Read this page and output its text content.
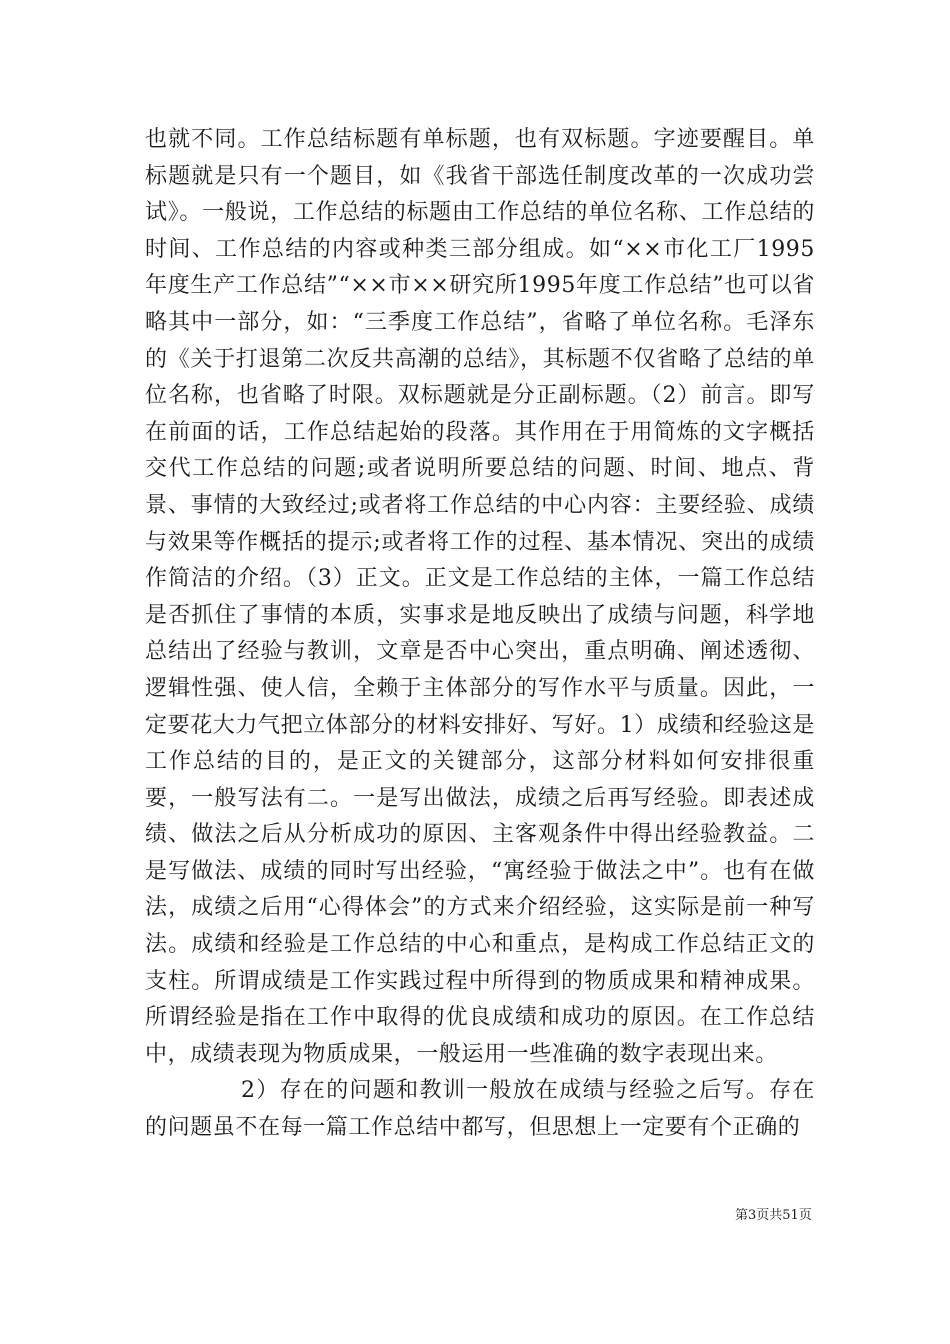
也就不同。工作总结标题有单标题，也有双标题。字迹要醒目。单标题就是只有一个题目，如《我省干部选任制度改革的一次成功尝试》。一般说，工作总结的标题由工作总结的单位名称、工作总结的时间、工作总结的内容或种类三部分组成。如“××市化工厂1995年度生产工作总结”“××市××研究所1995年度工作总结”也可以省略其中一部分，如：“三季度工作总结”，省略了单位名称。毛泽东的《关于打退第二次反共高潮的总结》，其标题不仅省略了总结的单位名称，也省略了时限。双标题就是分正副标题。（2）前言。即写在前面的话，工作总结起始的段落。其作用在于用简炼的文字概括交代工作总结的问题;或者说明所要总结的问题、时间、地点、背景、事情的大致经过;或者将工作总结的中心内容：主要经验、成绩与效果等作概括的提示;或者将工作的过程、基本情况、突出的成绩作简洁的介绍。（3）正文。正文是工作总结的主体，一篇工作总结是否抓住了事情的本质，实事求是地反映出了成绩与问题，科学地总结出了经验与教训，文章是否中心突出，重点明确、阐述透彻、逻辑性强、使人信，全赖于主体部分的写作水平与质量。因此，一定要花大力气把立体部分的材料安排好、写好。1）成绩和经验这是工作总结的目的，是正文的关键部分，这部分材料如何安排很重要，一般写法有二。一是写出做法，成绩之后再写经验。即表述成绩、做法之后从分析成功的原因、主客观条件中得出经验教益。二是写做法、成绩的同时写出经验，“寓经验于做法之中”。也有在做法，成绩之后用“心得体会”的方式来介绍经验，这实际是前一种写法。成绩和经验是工作总结的中心和重点，是构成工作总结正文的支柱。所谓成绩是工作实践过程中所得到的物质成果和精神成果。所谓经验是指在工作中取得的优良成绩和成功的原因。在工作总结中，成绩表现为物质成果，一般运用一些准确的数字表现出来。

2）存在的问题和教训一般放在成绩与经验之后写。存在的问题虽不在每一篇工作总结中都写，但思想上一定要有个正确的

第3页共51页
